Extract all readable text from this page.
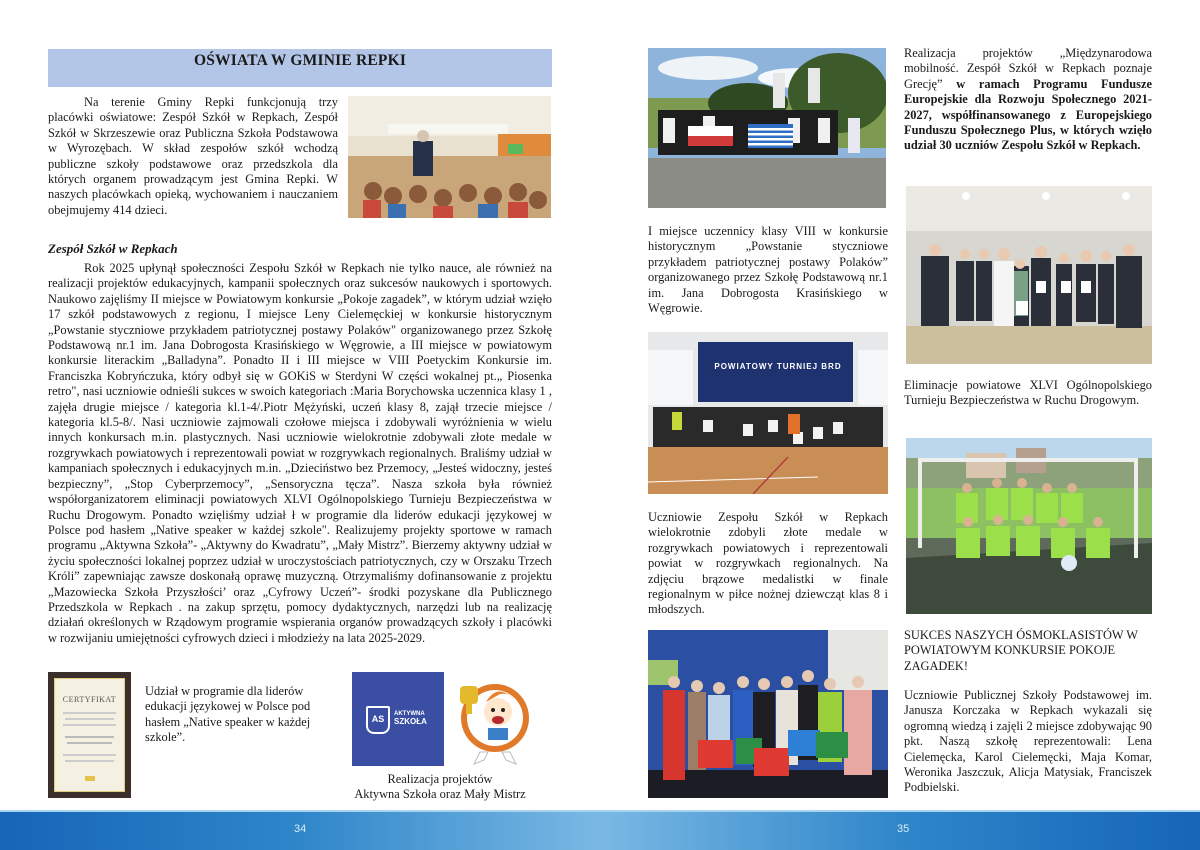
OŚWIATA W GMINIE REPKI
Na terenie Gminy Repki funkcjonują trzy placówki oświatowe: Zespół Szkół w Repkach, Zespół Szkół w Skrzeszewie oraz Publiczna Szkoła Podstawowa w Wyrozębach. W skład zespołów szkół wchodzą publiczne szkoły podstawowe oraz przedszkola dla których organem prowadzącym jest Gmina Repki. W naszych placówkach opieką, wychowaniem i nauczaniem obejmujemy 414 dzieci.
Zespół Szkół w Repkach
Rok 2025 upłynął społeczności Zespołu Szkół w Repkach nie tylko nauce, ale również na realizacji projektów edukacyjnych, kampanii społecznych oraz sukcesów naukowych i sportowych. Naukowo zajęliśmy II miejsce w Powiatowym konkursie „Pokoje zagadek”, w którym udział wzięło 17 szkół podstawowych z regionu, I miejsce Leny Cielemęckiej w konkursie historycznym „Powstanie styczniowe przykładem patriotycznej postawy Polaków" organizowanego przez Szkołę Podstawową nr.1 im. Jana Dobrogosta Krasińskiego w Węgrowie, a III miejsce w powiatowym konkursie literackim „Balladyna”. Ponadto II i III miejsce w VIII Poetyckim Konkursie im. Franciszka Kobryńczuka, który odbył się w GOKiS w Sterdyni W części wokalnej pt.„ Piosenka retro", nasi uczniowie odnieśli sukces w swoich kategoriach :Maria Borychowska uczennica klasy 1 , zajęła drugie miejsce / kategoria kl.1-4/.Piotr Mężyński, uczeń klasy 8, zajął trzecie miejsce / kategoria kl.5-8/. Nasi uczniowie zajmowali czołowe miejsca i zdobywali wyróżnienia w wielu innych konkursach m.in. plastycznych. Nasi uczniowie wielokrotnie zdobywali złote medale w rozgrywkach powiatowych i reprezentowali powiat w rozgrywkach regionalnych. Braliśmy udział w kampaniach społecznych i edukacyjnych m.in. „Dzieciństwo bez Przemocy, „Jesteś widoczny, jesteś bezpieczny”, „Stop Cyberprzemocy”, „Sensoryczna tęcza”. Nasza szkoła była również współorganizatorem eliminacji powiatowych XLVI Ogólnopolskiego Turnieju Bezpieczeństwa w Ruchu Drogowym. Ponadto wzięliśmy udział ł w programie dla liderów edukacji językowej w Polsce pod hasłem „Native speaker w każdej szkole". Realizujemy projekty sportowe w ramach programu „Aktywna Szkoła”- „Aktywny do Kwadratu”, „Mały Mistrz”. Bierzemy aktywny udział w życiu społeczności lokalnej poprzez udział w uroczystościach patriotycznych, czy w Orszaku Trzech Króli” zapewniając zawsze doskonałą oprawę muzyczną. Otrzymaliśmy dofinansowanie z projektu „Mazowiecka Szkoła Przyszłości’ oraz „Cyfrowy Uczeń”- środki pozyskane dla Publicznego Przedszkola w Repkach . na zakup sprzętu, pomocy dydaktycznych, narzędzi lub na realizację działań określonych w Rządowym programie wspierania organów prowadzących szkoły i placówki w rozwijaniu umiejętności cyfrowych dzieci i młodzieży na lata 2025-2029.
CERTYFIKAT
Udział w programie dla liderów edukacji językowej w Polsce pod hasłem „Native speaker w każdej szkole”.
AS	AKTYWNA
SZKOŁA
Realizacja projektów
Aktywna Szkoła oraz Mały Mistrz
Realizacja projektów „Międzynarodowa mobilność. Zespół Szkół w Repkach poznaje Grecję” w ramach Programu Fundusze Europejskie dla Rozwoju Społecznego 2021-2027, współfinansowanego z Europejskiego Funduszu Społecznego Plus, w których wzięło udział 30 uczniów Zespołu Szkół w Repkach.
I miejsce uczennicy klasy VIII w konkursie historycznym „Powstanie styczniowe przykładem patriotycznej postawy Polaków” organizowanego przez Szkołę Podstawową nr.1 im. Jana Dobrogosta Krasińskiego w Węgrowie.
Eliminacje powiatowe XLVI Ogólnopolskiego Turnieju Bezpieczeństwa w Ruchu Drogowym.
POWIATOWY TURNIEJ BRD
Uczniowie Zespołu Szkół w Repkach wielokrotnie zdobyli złote medale w rozgrywkach powiatowych i reprezentowali powiat w rozgrywkach regionalnych. Na zdjęciu brązowe medalistki w finale regionalnym w piłce nożnej dziewcząt klas 8 i młodszych.
SUKCES NASZYCH ÓSMOKLASISTÓW W POWIATOWYM KONKURSIE POKOJE ZAGADEK!
Uczniowie Publicznej Szkoły Podstawowej im. Janusza Korczaka w Repkach wykazali się ogromną wiedzą i zajęli 2 miejsce zdobywając 90 pkt. Naszą szkołę reprezentowali: Lena Cielemęcka, Karol Cielemęcki, Maja Komar, Weronika Jaszczuk, Alicja Matysiak, Franciszek Podbielski.
34	35
